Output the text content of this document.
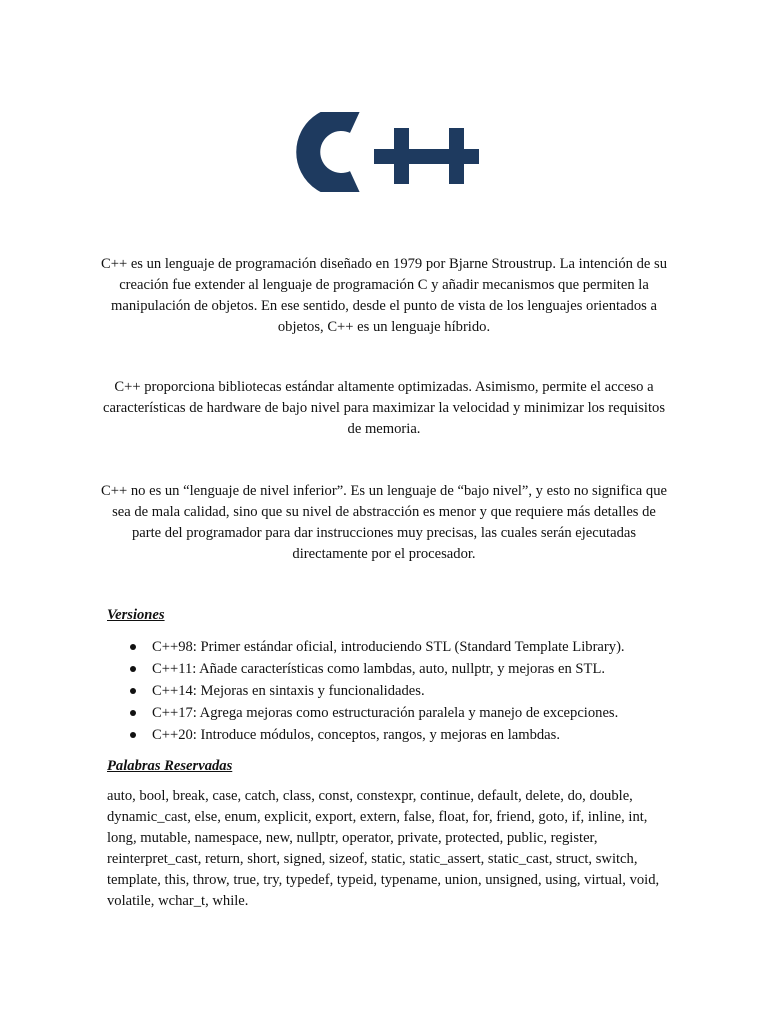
C++ es un lenguaje de programación diseñado en 1979 por Bjarne Stroustrup. La intención de su creación fue extender al lenguaje de programación C y añadir mecanismos que permiten la manipulación de objetos. En ese sentido, desde el punto de vista de los lenguajes orientados a objetos, C++ es un lenguaje híbrido.

C++ proporciona bibliotecas estándar altamente optimizadas. Asimismo, permite el acceso a características de hardware de bajo nivel para maximizar la velocidad y minimizar los requisitos de memoria.

C++ no es un “lenguaje de nivel inferior”. Es un lenguaje de “bajo nivel”, y esto no significa que sea de mala calidad, sino que su nivel de abstracción es menor y que requiere más detalles de parte del programador para dar instrucciones muy precisas, las cuales serán ejecutadas directamente por el procesador.

Versiones
C++98: Primer estándar oficial, introduciendo STL (Standard Template Library).
C++11: Añade características como lambdas, auto, nullptr, y mejoras en STL.
C++14: Mejoras en sintaxis y funcionalidades.
C++17: Agrega mejoras como estructuración paralela y manejo de excepciones.
C++20: Introduce módulos, conceptos, rangos, y mejoras en lambdas.
Palabras Reservadas

auto, bool, break, case, catch, class, const, constexpr, continue, default, delete, do, double, dynamic_cast, else, enum, explicit, export, extern, false, float, for, friend, goto, if, inline, int, long, mutable, namespace, new, nullptr, operator, private, protected, public, register, reinterpret_cast, return, short, signed, sizeof, static, static_assert, static_cast, struct, switch, template, this, throw, true, try, typedef, typeid, typename, union, unsigned, using, virtual, void, volatile, wchar_t, while.
